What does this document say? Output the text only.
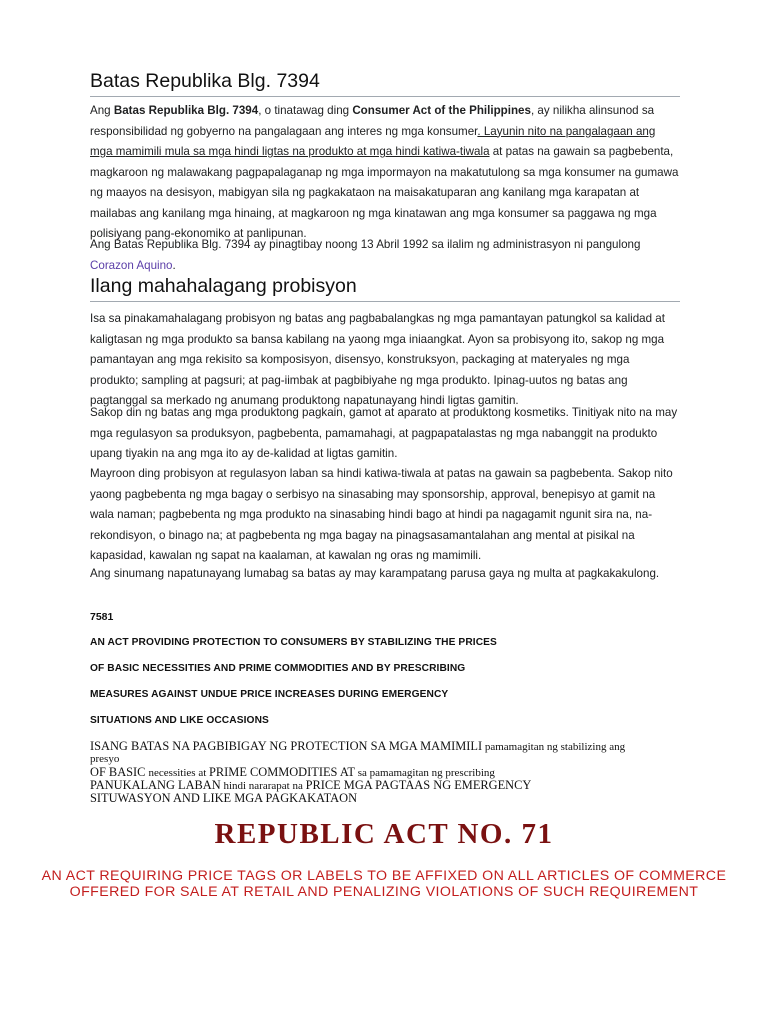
Batas Republika Blg. 7394

Ang Batas Republika Blg. 7394, o tinatawag ding Consumer Act of the Philippines, ay nilikha alinsunod sa responsibilidad ng gobyerno na pangalagaan ang interes ng mga konsumer. Layunin nito na pangalagaan ang mga mamimili mula sa mga hindi ligtas na produkto at mga hindi katiwa-tiwala at patas na gawain sa pagbebenta, magkaroon ng malawakang pagpapalaganap ng mga impormayon na makatutulong sa mga konsumer na gumawa ng maayos na desisyon, mabigyan sila ng pagkakataon na maisakatuparan ang kanilang mga karapatan at mailabas ang kanilang mga hinaing, at magkaroon ng mga kinatawan ang mga konsumer sa paggawa ng mga polisiyang pang-ekonomiko at panlipunan.

Ang Batas Republika Blg. 7394 ay pinagtibay noong 13 Abril 1992 sa ilalim ng administrasyon ni pangulong Corazon Aquino.

Ilang mahahalagang probisyon

Isa sa pinakamahalagang probisyon ng batas ang pagbabalangkas ng mga pamantayan patungkol sa kalidad at kaligtasan ng mga produkto sa bansa kabilang na yaong mga iniaangkat. Ayon sa probisyong ito, sakop ng mga pamantayan ang mga rekisito sa komposisyon, disensyo, konstruksyon, packaging at materyales ng mga produkto; sampling at pagsuri; at pag-iimbak at pagbibiyahe ng mga produkto. Ipinag-uutos ng batas ang pagtanggal sa merkado ng anumang produktong napatunayang hindi ligtas gamitin.

Sakop din ng batas ang mga produktong pagkain, gamot at aparato at produktong kosmetiks. Tinitiyak nito na may mga regulasyon sa produksyon, pagbebenta, pamamahagi, at pagpapatalastas ng mga nabanggit na produkto upang tiyakin na ang mga ito ay de-kalidad at ligtas gamitin.

Mayroon ding probisyon at regulasyon laban sa hindi katiwa-tiwala at patas na gawain sa pagbebenta. Sakop nito yaong pagbebenta ng mga bagay o serbisyo na sinasabing may sponsorship, approval, benepisyo at gamit na wala naman; pagbebenta ng mga produkto na sinasabing hindi bago at hindi pa nagagamit ngunit sira na, na-rekondisyon, o binago na; at pagbebenta ng mga bagay na pinagsasamantalahan ang mental at pisikal na kapasidad, kawalan ng sapat na kaalaman, at kawalan ng oras ng mamimili.

Ang sinumang napatunayang lumabag sa batas ay may karampatang parusa gaya ng multa at pagkakakulong.

7581
AN ACT PROVIDING PROTECTION TO CONSUMERS BY STABILIZING THE PRICES
OF BASIC NECESSITIES AND PRIME COMMODITIES AND BY PRESCRIBING
MEASURES AGAINST UNDUE PRICE INCREASES DURING EMERGENCY
SITUATIONS AND LIKE OCCASIONS
ISANG BATAS NA PAGBIBIGAY NG PROTECTION SA MGA MAMIMILI pamamagitan ng stabilizing ang
presyo
OF BASIC necessities at PRIME COMMODITIES AT sa pamamagitan ng prescribing
PANUKALANG LABAN hindi nararapat na PRICE MGA PAGTAAS NG EMERGENCY
SITUWASYON AND LIKE MGA PAGKAKATAON
REPUBLIC ACT NO. 71
AN ACT REQUIRING PRICE TAGS OR LABELS TO BE AFFIXED ON ALL ARTICLES OF COMMERCE OFFERED FOR SALE AT RETAIL AND PENALIZING VIOLATIONS OF SUCH REQUIREMENT
